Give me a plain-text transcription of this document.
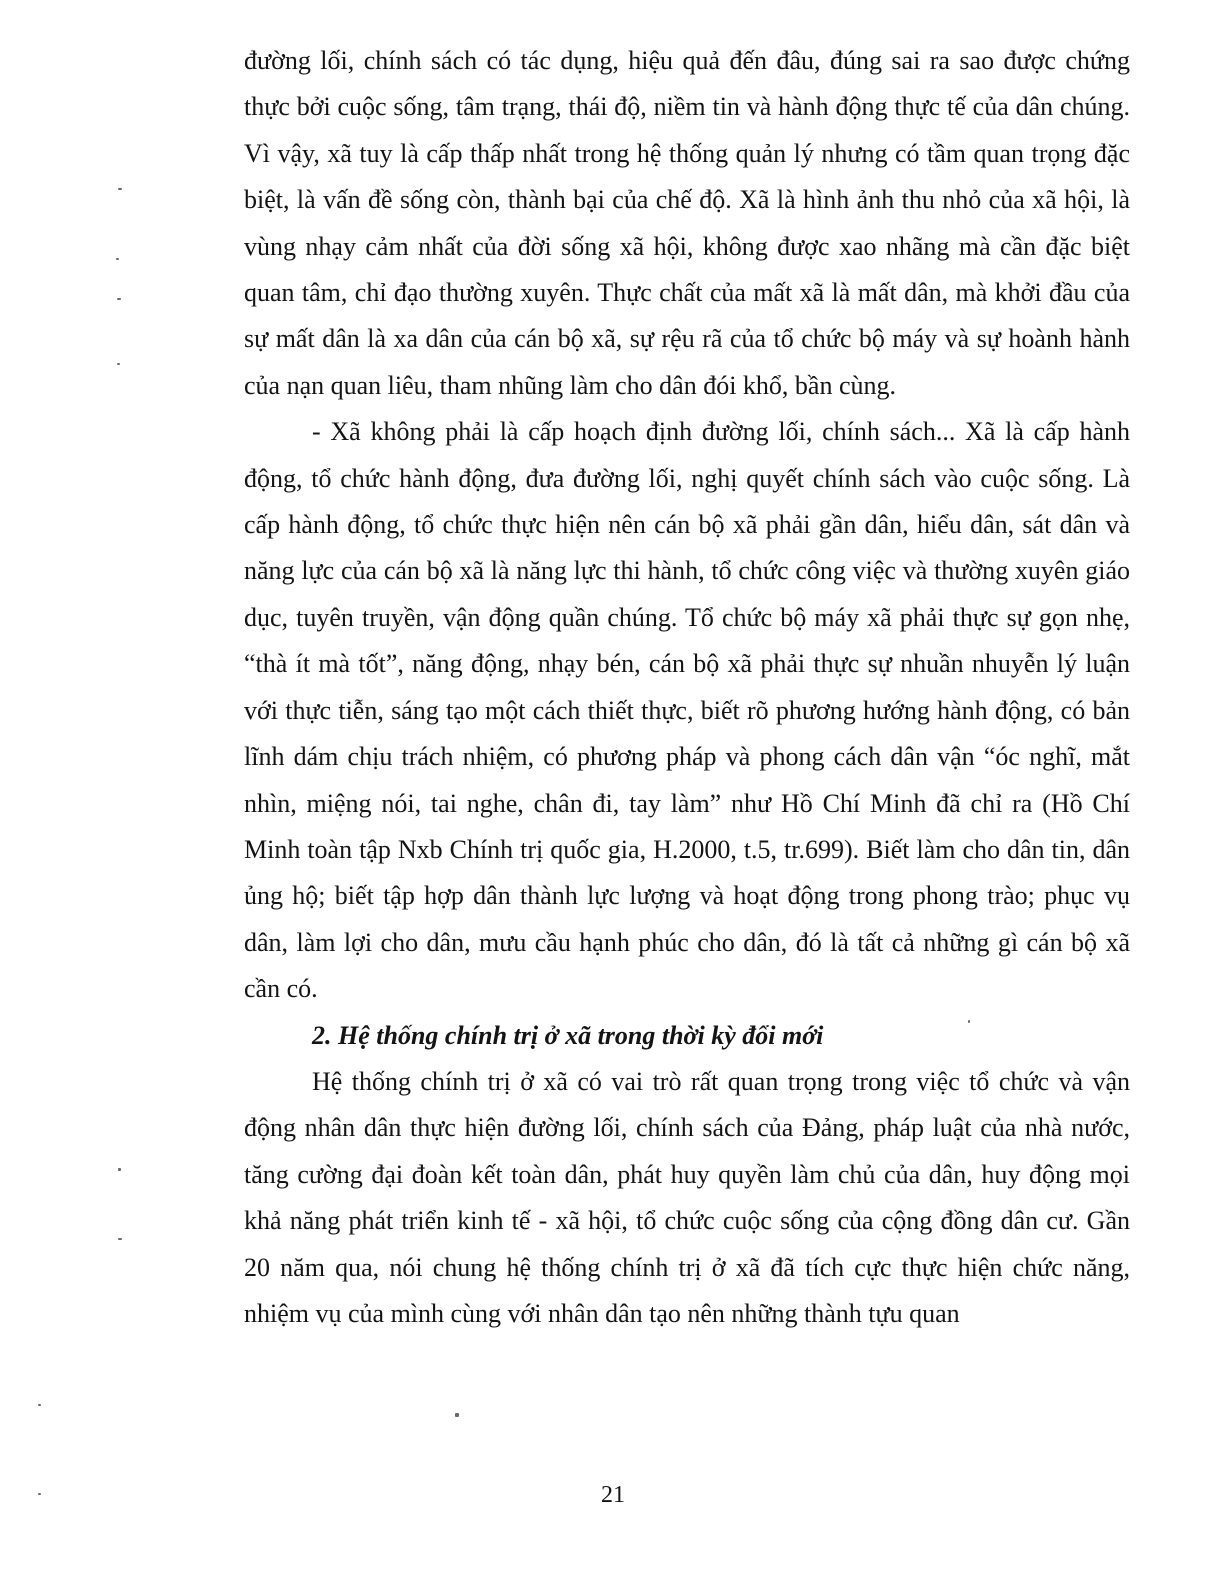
đường lối, chính sách có tác dụng, hiệu quả đến đâu, đúng sai ra sao được chứng thực bởi cuộc sống, tâm trạng, thái độ, niềm tin và hành động thực tế của dân chúng. Vì vậy, xã tuy là cấp thấp nhất trong hệ thống quản lý nhưng có tầm quan trọng đặc biệt, là vấn đề sống còn, thành bại của chế độ. Xã là hình ảnh thu nhỏ của xã hội, là vùng nhạy cảm nhất của đời sống xã hội, không được xao nhãng mà cần đặc biệt quan tâm, chỉ đạo thường xuyên. Thực chất của mất xã là mất dân, mà khởi đầu của sự mất dân là xa dân của cán bộ xã, sự rệu rã của tổ chức bộ máy và sự hoành hành của nạn quan liêu, tham nhũng làm cho dân đói khổ, bần cùng.

- Xã không phải là cấp hoạch định đường lối, chính sách... Xã là cấp hành động, tổ chức hành động, đưa đường lối, nghị quyết chính sách vào cuộc sống. Là cấp hành động, tổ chức thực hiện nên cán bộ xã phải gần dân, hiểu dân, sát dân và năng lực của cán bộ xã là năng lực thi hành, tổ chức công việc và thường xuyên giáo dục, tuyên truyền, vận động quần chúng. Tổ chức bộ máy xã phải thực sự gọn nhẹ, “thà ít mà tốt”, năng động, nhạy bén, cán bộ xã phải thực sự nhuần nhuyễn lý luận với thực tiễn, sáng tạo một cách thiết thực, biết rõ phương hướng hành động, có bản lĩnh dám chịu trách nhiệm, có phương pháp và phong cách dân vận “óc nghĩ, mắt nhìn, miệng nói, tai nghe, chân đi, tay làm” như Hồ Chí Minh đã chỉ ra (Hồ Chí Minh toàn tập Nxb Chính trị quốc gia, H.2000, t.5, tr.699). Biết làm cho dân tin, dân ủng hộ; biết tập hợp dân thành lực lượng và hoạt động trong phong trào; phục vụ dân, làm lợi cho dân, mưu cầu hạnh phúc cho dân, đó là tất cả những gì cán bộ xã cần có.

2. Hệ thống chính trị ở xã trong thời kỳ đổi mới

Hệ thống chính trị ở xã có vai trò rất quan trọng trong việc tổ chức và vận động nhân dân thực hiện đường lối, chính sách của Đảng, pháp luật của nhà nước, tăng cường đại đoàn kết toàn dân, phát huy quyền làm chủ của dân, huy động mọi khả năng phát triển kinh tế - xã hội, tổ chức cuộc sống của cộng đồng dân cư. Gần 20 năm qua, nói chung hệ thống chính trị ở xã đã tích cực thực hiện chức năng, nhiệm vụ của mình cùng với nhân dân tạo nên những thành tựu quan

21
